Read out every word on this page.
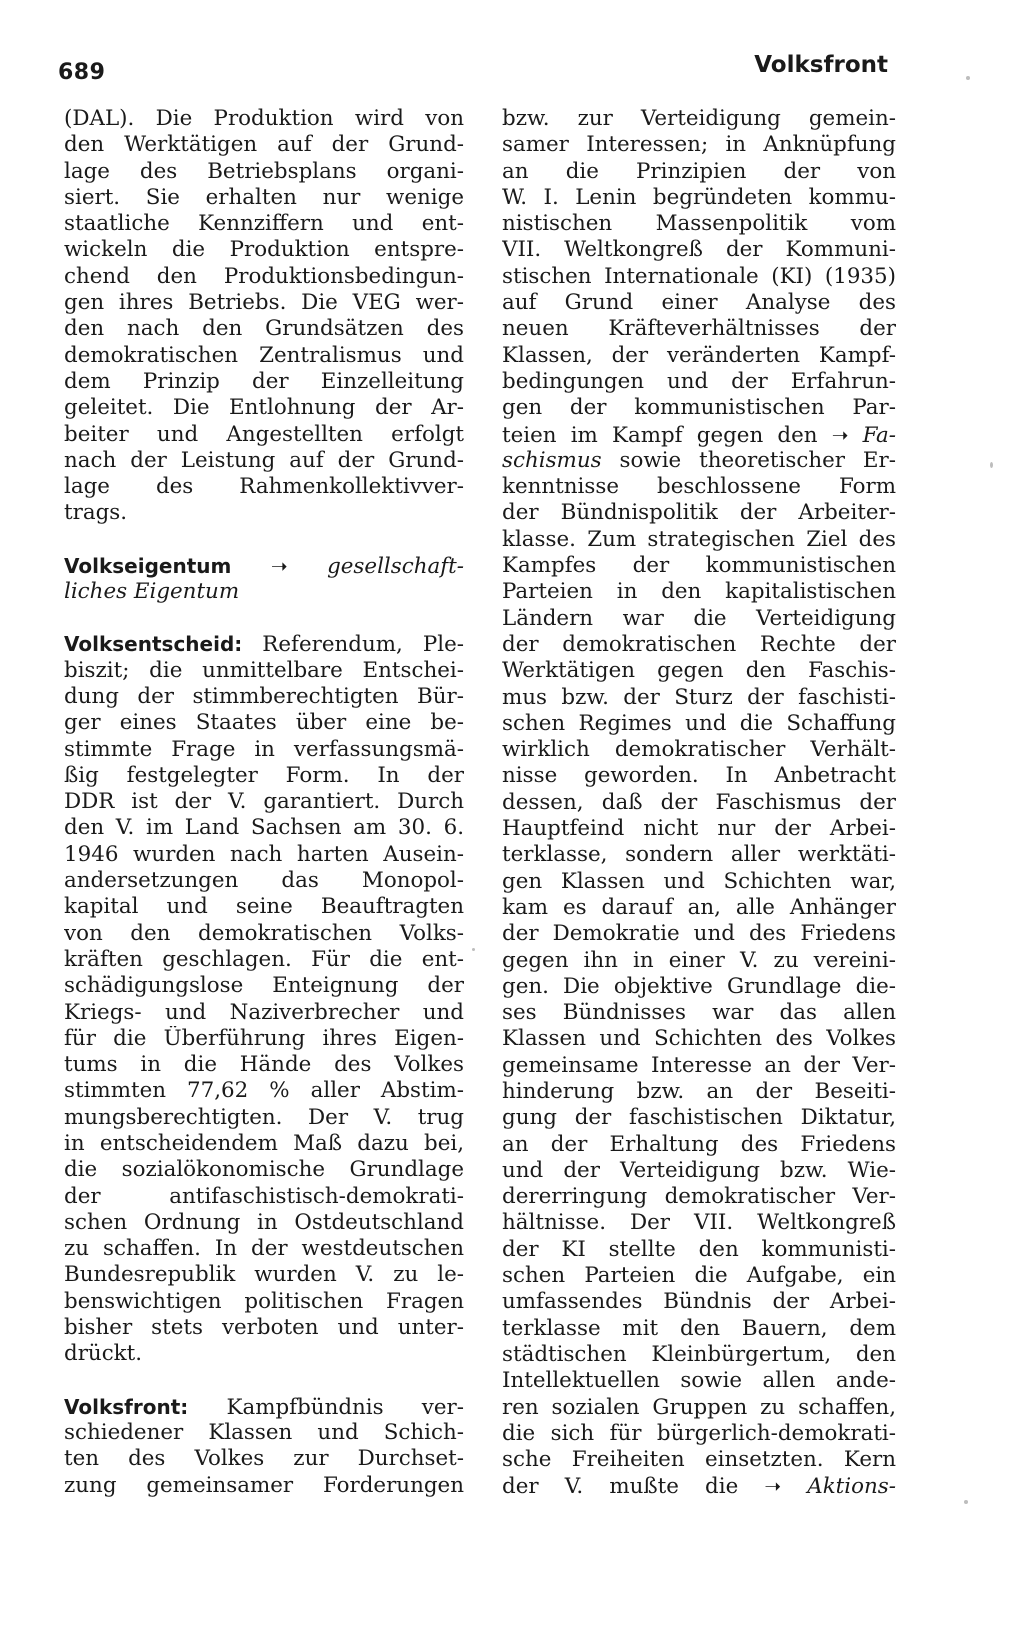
689	Volksfront
(DAL). Die Produktion wird von
den Werktätigen auf der Grund-
lage des Betriebsplans organi-
siert. Sie erhalten nur wenige
staatliche Kennziffern und ent-
wickeln die Produktion entspre-
chend den Produktionsbedingun-
gen ihres Betriebs. Die VEG wer-
den nach den Grundsätzen des
demokratischen Zentralismus und
dem Prinzip der Einzelleitung
geleitet. Die Entlohnung der Ar-
beiter und Angestellten erfolgt
nach der Leistung auf der Grund-
lage des Rahmenkollektivver-
trags.
Volkseigentum ➝ gesellschaft-
liches Eigentum
Volksentscheid: Referendum, Ple-
biszit; die unmittelbare Entschei-
dung der stimmberechtigten Bür-
ger eines Staates über eine be-
stimmte Frage in verfassungsmä-
ßig festgelegter Form. In der
DDR ist der V. garantiert. Durch
den V. im Land Sachsen am 30. 6.
1946 wurden nach harten Ausein-
andersetzungen das Monopol-
kapital und seine Beauftragten
von den demokratischen Volks-
kräften geschlagen. Für die ent-
schädigungslose Enteignung der
Kriegs- und Naziverbrecher und
für die Überführung ihres Eigen-
tums in die Hände des Volkes
stimmten 77,62 % aller Abstim-
mungsberechtigten. Der V. trug
in entscheidendem Maß dazu bei,
die sozialökonomische Grundlage
der antifaschistisch-demokrati-
schen Ordnung in Ostdeutschland
zu schaffen. In der westdeutschen
Bundesrepublik wurden V. zu le-
benswichtigen politischen Fragen
bisher stets verboten und unter-
drückt.
Volksfront: Kampfbündnis ver-
schiedener Klassen und Schich-
ten des Volkes zur Durchset-
zung gemeinsamer Forderungen
bzw. zur Verteidigung gemein-
samer Interessen; in Anknüpfung
an die Prinzipien der von
W. I. Lenin begründeten kommu-
nistischen Massenpolitik vom
VII. Weltkongreß der Kommuni-
stischen Internationale (KI) (1935)
auf Grund einer Analyse des
neuen Kräfteverhältnisses der
Klassen, der veränderten Kampf-
bedingungen und der Erfahrun-
gen der kommunistischen Par-
teien im Kampf gegen den ➝ Fa-
schismus sowie theoretischer Er-
kenntnisse beschlossene Form
der Bündnispolitik der Arbeiter-
klasse. Zum strategischen Ziel des
Kampfes der kommunistischen
Parteien in den kapitalistischen
Ländern war die Verteidigung
der demokratischen Rechte der
Werktätigen gegen den Faschis-
mus bzw. der Sturz der faschisti-
schen Regimes und die Schaffung
wirklich demokratischer Verhält-
nisse geworden. In Anbetracht
dessen, daß der Faschismus der
Hauptfeind nicht nur der Arbei-
terklasse, sondern aller werktäti-
gen Klassen und Schichten war,
kam es darauf an, alle Anhänger
der Demokratie und des Friedens
gegen ihn in einer V. zu vereini-
gen. Die objektive Grundlage die-
ses Bündnisses war das allen
Klassen und Schichten des Volkes
gemeinsame Interesse an der Ver-
hinderung bzw. an der Beseiti-
gung der faschistischen Diktatur,
an der Erhaltung des Friedens
und der Verteidigung bzw. Wie-
dererringung demokratischer Ver-
hältnisse. Der VII. Weltkongreß
der KI stellte den kommunisti-
schen Parteien die Aufgabe, ein
umfassendes Bündnis der Arbei-
terklasse mit den Bauern, dem
städtischen Kleinbürgertum, den
Intellektuellen sowie allen ande-
ren sozialen Gruppen zu schaffen,
die sich für bürgerlich-demokrati-
sche Freiheiten einsetzten. Kern
der V. mußte die ➝ Aktions-
